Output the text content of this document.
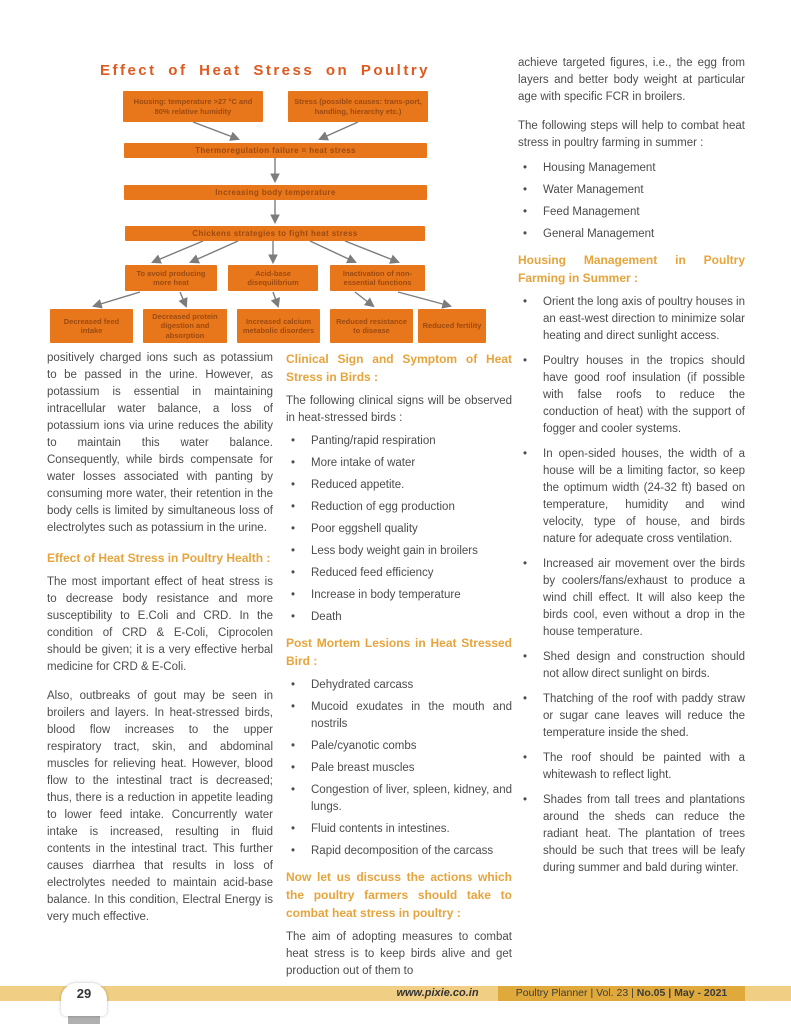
Effect of Heat Stress on Poultry
Housing: temperature >27 °C and 80% relative humidity
Stress (possible causes: trans-port, handling, hierarchy etc.)
Thermoregulation failure = heat stress
Increasing body temperature
Chickens strategies to fight heat stress
To avoid producing more heat
Acid-base disequilibrium
Inactivation of non-essential functions
Decreased feed intake
Decreased protein digestion and absorption
Increased calcium metabolic disorders
Reduced resistance to disease
Reduced fertility

positively charged ions such as potassium to be passed in the urine. However, as potassium is essential in maintaining intracellular water balance, a loss of potassium ions via urine reduces the ability to maintain this water balance. Consequently, while birds compensate for water losses associated with panting by consuming more water, their retention in the body cells is limited by simultaneous loss of electrolytes such as potassium in the urine.

Effect of Heat Stress in Poultry Health :

The most important effect of heat stress is to decrease body resistance and more susceptibility to E.Coli and CRD. In the condition of CRD & E-Coli, Ciprocolen should be given; it is a very effective herbal medicine for CRD & E-Coli.

Also, outbreaks of gout may be seen in broilers and layers. In heat-stressed birds, blood flow increases to the upper respiratory tract, skin, and abdominal muscles for relieving heat. However, blood flow to the intestinal tract is decreased; thus, there is a reduction in appetite leading to lower feed intake. Concurrently water intake is increased, resulting in fluid contents in the intestinal tract. This further causes diarrhea that results in loss of electrolytes needed to maintain acid-base balance. In this condition, Electral Energy is very much effective.

Clinical Sign and Symptom of Heat Stress in Birds :

The following clinical signs will be observed in heat-stressed birds :

•	Panting/rapid respiration
•	More intake of water
•	Reduced appetite.
•	Reduction of egg production
•	Poor eggshell quality
•	Less body weight gain in broilers
•	Reduced feed efficiency
•	Increase in body temperature
•	Death
Post Mortem Lesions in Heat Stressed Bird :
•	Dehydrated carcass
•	Mucoid exudates in the mouth and nostrils
•	Pale/cyanotic combs
•	Pale breast muscles
•	Congestion of liver, spleen, kidney, and lungs.
•	Fluid contents in intestines.
•	Rapid decomposition of the carcass
Now let us discuss the actions which the poultry farmers should take to combat heat stress in poultry :

The aim of adopting measures to combat heat stress is to keep birds alive and get production out of them to

achieve targeted figures, i.e., the egg from layers and better body weight at particular age with specific FCR in broilers.

The following steps will help to combat heat stress in poultry farming in summer :

•	Housing Management
•	Water Management
•	Feed Management
•	General Management
Housing Management in Poultry Farming in Summer :
•	Orient the long axis of poultry houses in an east-west direction to minimize solar heating and direct sunlight access.
•	Poultry houses in the tropics should have good roof insulation (if possible with false roofs to reduce the conduction of heat) with the support of fogger and cooler systems.
•	In open-sided houses, the width of a house will be a limiting factor, so keep the optimum width (24-32 ft) based on temperature, humidity and wind velocity, type of house, and birds nature for adequate cross ventilation.
•	Increased air movement over the birds by coolers/fans/exhaust to produce a wind chill effect. It will also keep the birds cool, even without a drop in the house temperature.
•	Shed design and construction should not allow direct sunlight on birds.
•	Thatching of the roof with paddy straw or sugar cane leaves will reduce the temperature inside the shed.
•	The roof should be painted with a whitewash to reflect light.
•	Shades from tall trees and plantations around the sheds can reduce the radiant heat. The plantation of trees should be such that trees will be leafy during summer and bald during winter.
www.pixie.co.in	Poultry Planner | Vol. 23 | No.05 | May - 2021
29
